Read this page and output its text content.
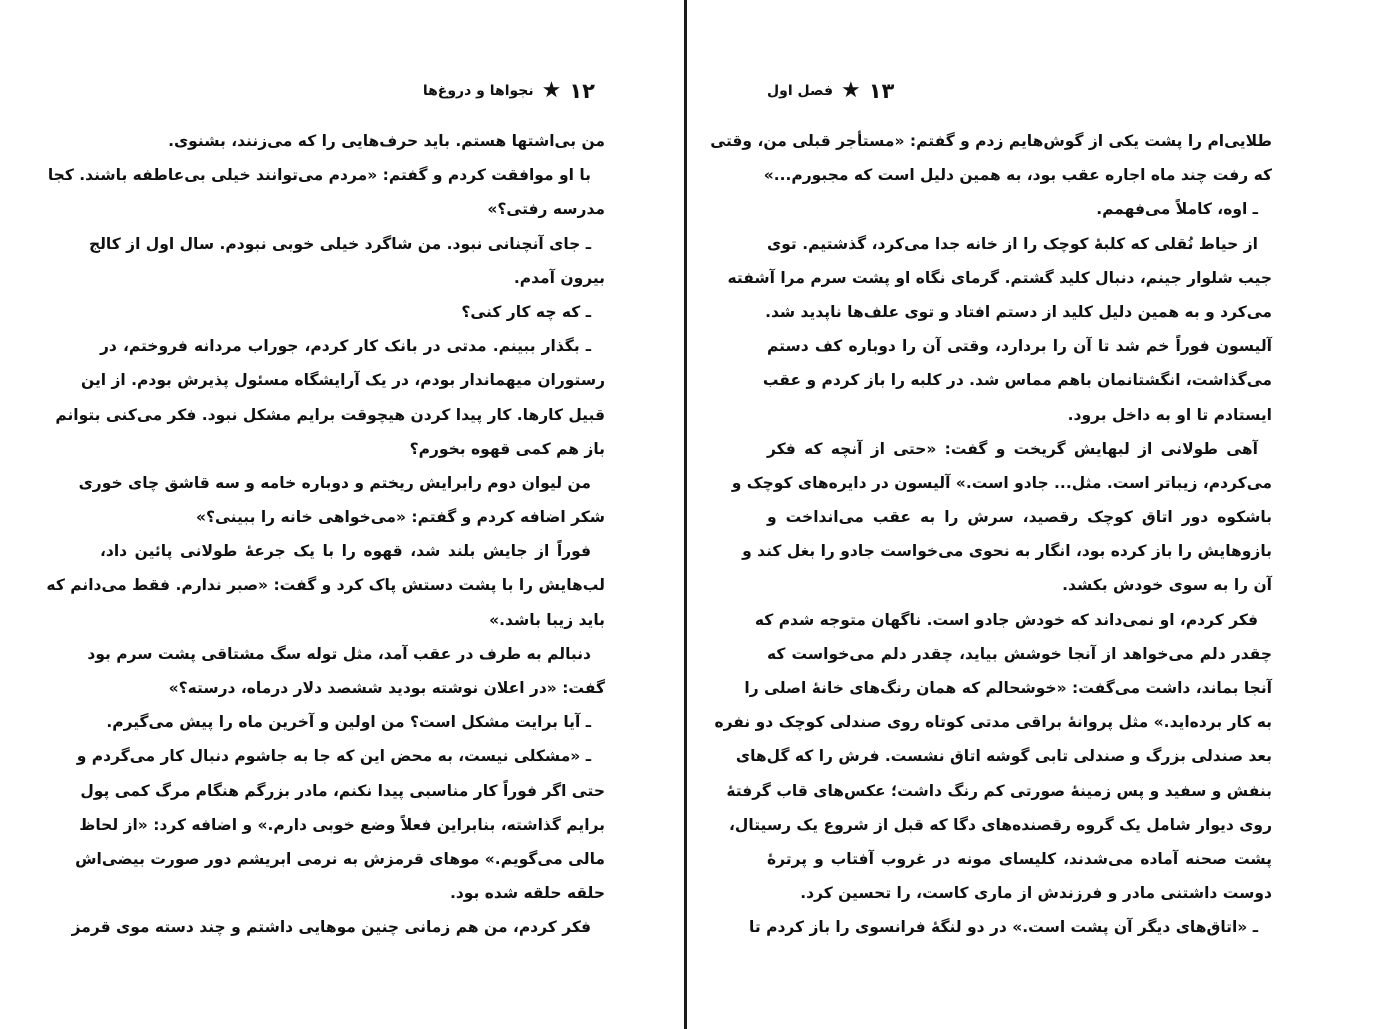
۱۲
★
نجواها و دروغ‌ها
من بی‌اشتها هستم. باید حرف‌هایی را که می‌زنند، بشنوی.
با او موافقت کردم و گفتم: «مردم می‌توانند خیلی بی‌عاطفه باشند. کجا
مدرسه رفتی؟»
ـ جای آنچنانی نبود. من شاگرد خیلی خوبی نبودم. سال اول از کالج
بیرون آمدم.
ـ که چه کار کنی؟
ـ بگذار ببینم. مدتی در بانک کار کردم، جوراب مردانه فروختم، در
رستوران میهماندار بودم، در یک آرایشگاه مسئول پذیرش بودم. از این
قبیل کارها. کار پیدا کردن هیچوقت برایم مشکل نبود. فکر می‌کنی بتوانم
باز هم کمی قهوه بخورم؟
من لیوان دوم رابرایش ریختم و دوباره خامه و سه قاشق چای خوری
شکر اضافه کردم و گفتم: «می‌خواهی خانه را ببینی؟»
فوراً از جایش بلند شد، قهوه را با یک جرعهٔ طولانی پائین داد،
لب‌هایش را با پشت دستش پاک کرد و گفت: «صبر ندارم. فقط می‌دانم که
باید زیبا باشد.»
دنبالم به طرف در عقب آمد، مثل توله سگ مشتاقی پشت سرم بود
گفت: «در اعلان نوشته بودید ششصد دلار درماه، درسته؟»
ـ آیا برایت مشکل است؟ من اولین و آخرین ماه را پیش می‌گیرم.
ـ «مشکلی نیست، به محض این که جا به جاشوم دنبال کار می‌گردم و
حتی اگر فوراً کار مناسبی پیدا نکنم، مادر بزرگم هنگام مرگ کمی پول
برایم گذاشته، بنابراین فعلاً وضع خوبی دارم.» و اضافه کرد: «از لحاظ
مالی می‌گویم.» موهای قرمزش به نرمی ابریشم دور صورت بیضی‌اش
حلقه حلقه شده بود.
فکر کردم، من هم زمانی چنین موهایی داشتم و چند دسته موی قرمز
۱۳
★
فصل اول
طلایی‌ام را پشت یکی از گوش‌هایم زدم و گفتم: «مستأجر قبلی من، وقتی
که رفت چند ماه اجاره عقب بود، به همین دلیل است که مجبورم...»
ـ اوه، کاملاً می‌فهمم.
از حیاط نُقلی که کلبهٔ کوچک را از خانه جدا می‌کرد، گذشتیم. توی
جیب شلوار جینم، دنبال کلید گشتم. گرمای نگاه او پشت سرم مرا آشفته
می‌کرد و به همین دلیل کلید از دستم افتاد و توی علف‌ها ناپدید شد.
آلیسون فوراً خم شد تا آن را بردارد، وقتی آن را دوباره کف دستم
می‌گذاشت، انگشتانمان باهم مماس شد. در کلبه را باز کردم و عقب
ایستادم تا او به داخل برود.
آهی طولانی از لبهایش گریخت و گفت: «حتی از آنچه که فکر
می‌کردم، زیباتر است. مثل... جادو است.» آلیسون در دایره‌های کوچک و
باشکوه دور اتاق کوچک رقصید، سرش را به عقب می‌انداخت و
بازوهایش را باز کرده بود، انگار به نحوی می‌خواست جادو را بغل کند و
آن را به سوی خودش بکشد.
فکر کردم، او نمی‌داند که خودش جادو است. ناگهان متوجه شدم که
چقدر دلم می‌خواهد از آنجا خوشش بیاید، چقدر دلم می‌خواست که
آنجا بماند، داشت می‌گفت: «خوشحالم که همان رنگ‌های خانهٔ اصلی را
به کار برده‌اید.» مثل پروانهٔ براقی مدتی کوتاه روی صندلی کوچک دو نفره
بعد صندلی بزرگ و صندلی تابی گوشه اتاق نشست. فرش را که گل‌های
بنفش و سفید و پس زمینهٔ صورتی کم رنگ داشت؛ عکس‌های قاب گرفتهٔ
روی دیوار شامل یک گروه رقصنده‌های دگا که قبل از شروع یک رسیتال،
پشت صحنه آماده می‌شدند، کلیسای مونه در غروب آفتاب و پرترهٔ
دوست داشتنی مادر و فرزندش از ماری کاست، را تحسین کرد.
ـ «اتاق‌های دیگر آن پشت است.» در دو لنگهٔ فرانسوی را باز کردم تا
